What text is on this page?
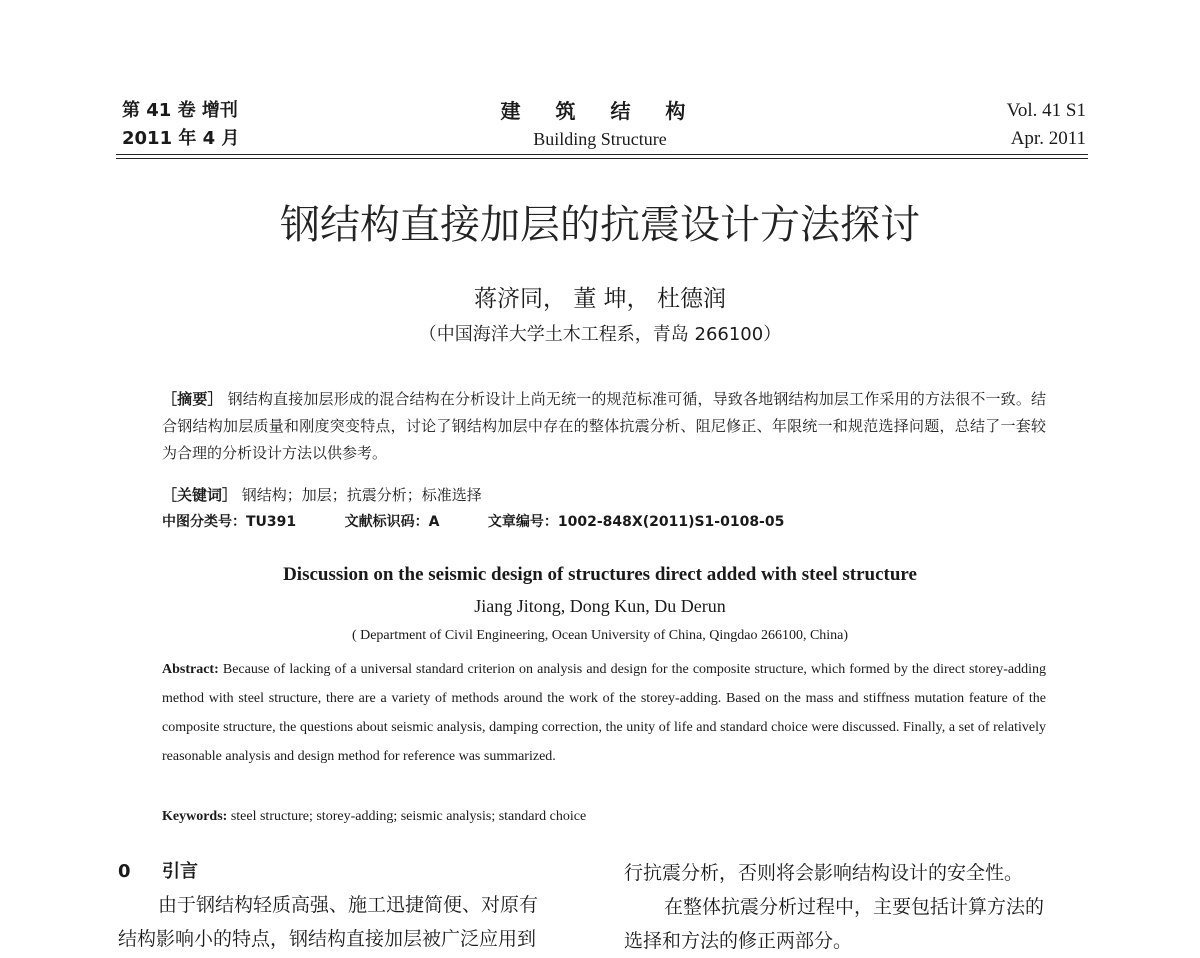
第 41 卷 增刊
2011 年 4 月
建 筑 结 构
Building Structure
Vol. 41 S1
Apr. 2011
钢结构直接加层的抗震设计方法探讨
蒋济同， 董 坤， 杜德润
（中国海洋大学土木工程系，青岛 266100）
［摘要］ 钢结构直接加层形成的混合结构在分析设计上尚无统一的规范标准可循，导致各地钢结构加层工作采用的方法很不一致。结合钢结构加层质量和刚度突变特点，讨论了钢结构加层中存在的整体抗震分析、阻尼修正、年限统一和规范选择问题，总结了一套较为合理的分析设计方法以供参考。
［关键词］ 钢结构；加层；抗震分析；标准选择
中图分类号：TU391	文献标识码：A	文章编号：1002-848X(2011)S1-0108-05
Discussion on the seismic design of structures direct added with steel structure
Jiang Jitong, Dong Kun, Du Derun
( Department of Civil Engineering, Ocean University of China, Qingdao 266100, China)
Abstract: Because of lacking of a universal standard criterion on analysis and design for the composite structure, which formed by the direct storey-adding method with steel structure, there are a variety of methods around the work of the storey-adding. Based on the mass and stiffness mutation feature of the composite structure, the questions about seismic analysis, damping correction, the unity of life and standard choice were discussed. Finally, a set of relatively reasonable analysis and design method for reference was summarized.
Keywords: steel structure; storey-adding; seismic analysis; standard choice
0 引言
由于钢结构轻质高强、施工迅捷简便、对原有
结构影响小的特点，钢结构直接加层被广泛应用到
行抗震分析，否则将会影响结构设计的安全性。
在整体抗震分析过程中，主要包括计算方法的
选择和方法的修正两部分。
